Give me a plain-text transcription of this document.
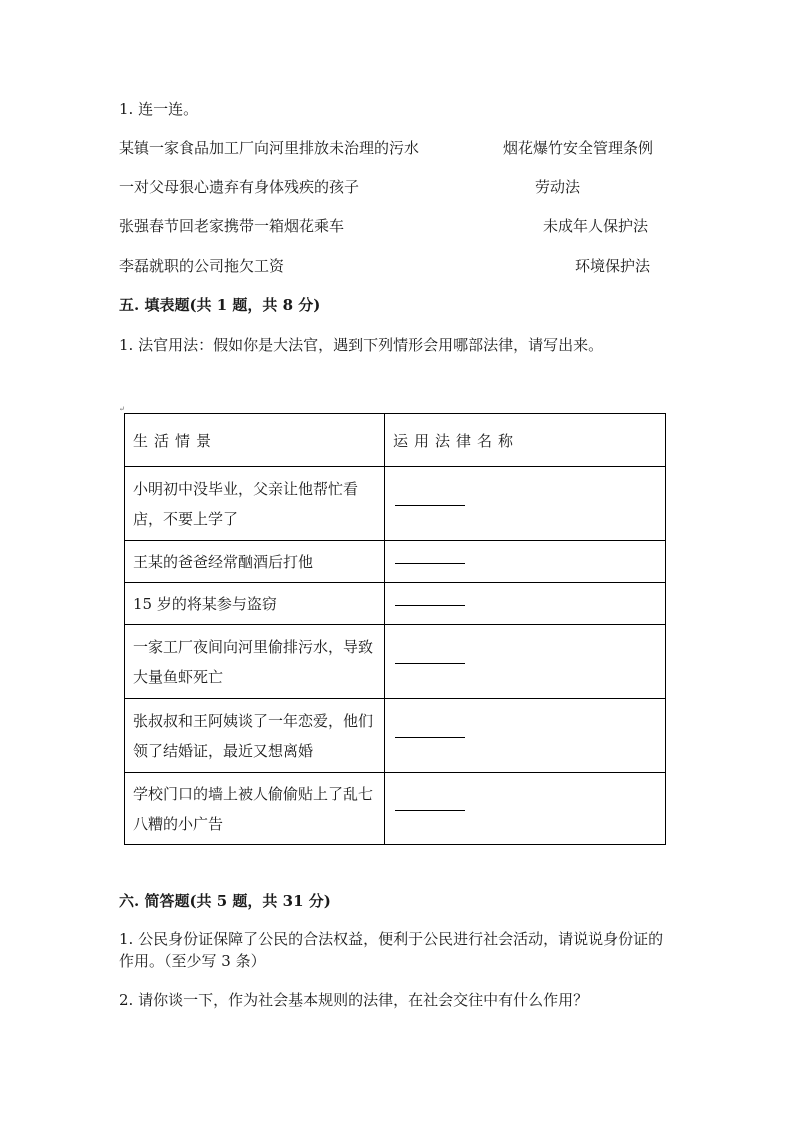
1. 连一连。
某镇一家食品加工厂向河里排放未治理的污水
一对父母狠心遗弃有身体残疾的孩子
张强春节回老家携带一箱烟花乘车
李磊就职的公司拖欠工资
烟花爆竹安全管理条例
劳动法
未成年人保护法
环境保护法
五. 填表题(共 1 题，共 8 分)
1. 法官用法：假如你是大法官，遇到下列情形会用哪部法律，请写出来。
↵
生活情景	运用法律名称
小明初中没毕业，父亲让他帮忙看店，不要上学了	
王某的爸爸经常酗酒后打他	
15 岁的将某参与盗窃	
一家工厂夜间向河里偷排污水，导致大量鱼虾死亡	
张叔叔和王阿姨谈了一年恋爱，他们领了结婚证，最近又想离婚	
学校门口的墙上被人偷偷贴上了乱七八糟的小广告	
六. 简答题(共 5 题，共 31 分)
1. 公民身份证保障了公民的合法权益，便利于公民进行社会活动，请说说身份证的作用。（至少写 3 条）
2. 请你谈一下，作为社会基本规则的法律，在社会交往中有什么作用？
